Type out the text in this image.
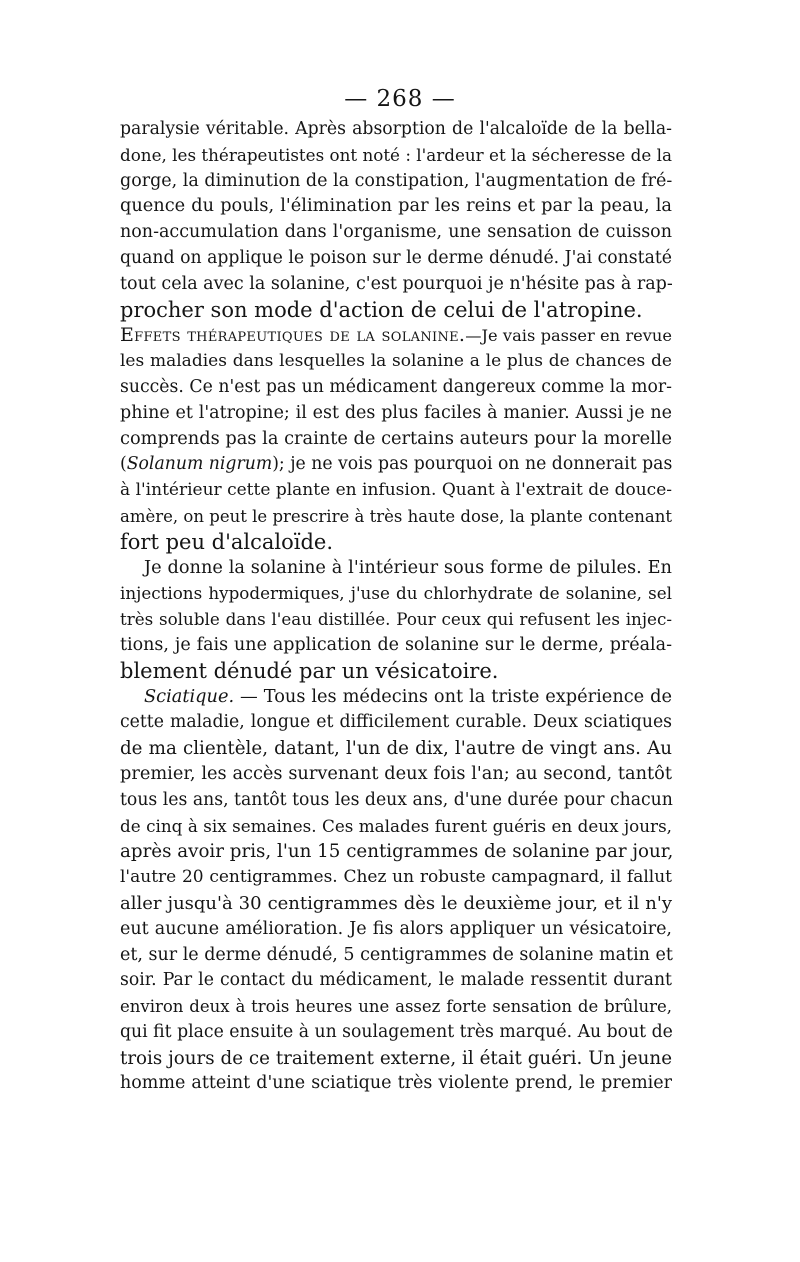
— 268 —
paralysie véritable. Après absorption de l'alcaloïde de la bella-
done, les thérapeutistes ont noté : l'ardeur et la sécheresse de la
gorge, la diminution de la constipation, l'augmentation de fré-
quence du pouls, l'élimination par les reins et par la peau, la
non-accumulation dans l'organisme, une sensation de cuisson
quand on applique le poison sur le derme dénudé. J'ai constaté
tout cela avec la solanine, c'est pourquoi je n'hésite pas à rap-
procher son mode d'action de celui de l'atropine.
Effets thérapeutiques de la solanine.—Je vais passer en revue
les maladies dans lesquelles la solanine a le plus de chances de
succès. Ce n'est pas un médicament dangereux comme la mor-
phine et l'atropine; il est des plus faciles à manier. Aussi je ne
comprends pas la crainte de certains auteurs pour la morelle
(Solanum nigrum); je ne vois pas pourquoi on ne donnerait pas
à l'intérieur cette plante en infusion. Quant à l'extrait de douce-
amère, on peut le prescrire à très haute dose, la plante contenant
fort peu d'alcaloïde.
Je donne la solanine à l'intérieur sous forme de pilules. En
injections hypodermiques, j'use du chlorhydrate de solanine, sel
très soluble dans l'eau distillée. Pour ceux qui refusent les injec-
tions, je fais une application de solanine sur le derme, préala-
blement dénudé par un vésicatoire.
Sciatique. — Tous les médecins ont la triste expérience de
cette maladie, longue et difficilement curable. Deux sciatiques
de ma clientèle, datant, l'un de dix, l'autre de vingt ans. Au
premier, les accès survenant deux fois l'an; au second, tantôt
tous les ans, tantôt tous les deux ans, d'une durée pour chacun
de cinq à six semaines. Ces malades furent guéris en deux jours,
après avoir pris, l'un 15 centigrammes de solanine par jour,
l'autre 20 centigrammes. Chez un robuste campagnard, il fallut
aller jusqu'à 30 centigrammes dès le deuxième jour, et il n'y
eut aucune amélioration. Je fis alors appliquer un vésicatoire,
et, sur le derme dénudé, 5 centigrammes de solanine matin et
soir. Par le contact du médicament, le malade ressentit durant
environ deux à trois heures une assez forte sensation de brûlure,
qui fit place ensuite à un soulagement très marqué. Au bout de
trois jours de ce traitement externe, il était guéri. Un jeune
homme atteint d'une sciatique très violente prend, le premier
